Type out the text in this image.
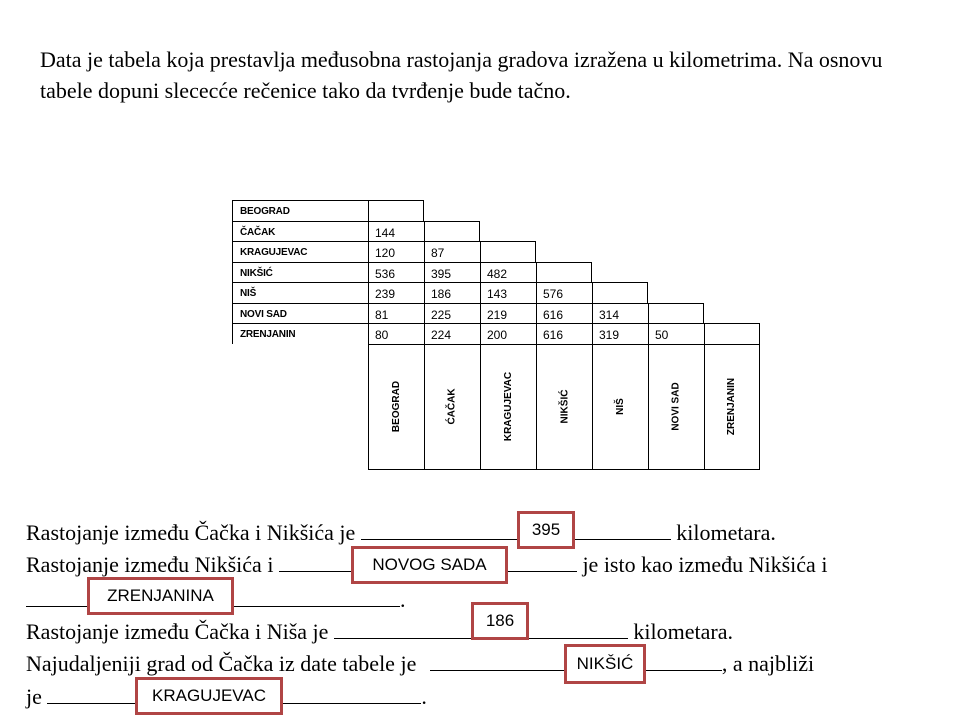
Data je tabela koja prestavlja međusobna rastojanja gradova izražena u kilometrima. Na osnovu tabele dopuni slececće rečenice tako da tvrđenje bude tačno.

BEOGRAD
ČAČAK	144
KRAGUJEVAC	120	87
NIKŠIĆ	536	395	482
NIŠ	239	186	143	576
NOVI SAD	81	225	219	616	314
ZRENJANIN	80	224	200	616	319	50
BEOGRAD	ĆAČAK	KRAGUJEVAC	NIKŠIĆ	NIŠ	NOVI SAD	ZRENJANIN

Rastojanje između Čačka i Nikšića je	kilometara.

Rastojanje između Nikšića i	je isto kao između Nikšića i

.

Rastojanje između Čačka i Niša je	kilometara.

Najudaljeniji grad od Čačka iz date tabele je	, a najbliži

je	.

395
NOVOG SADA
ZRENJANINA
186
NIKŠIĆ
KRAGUJEVAC
